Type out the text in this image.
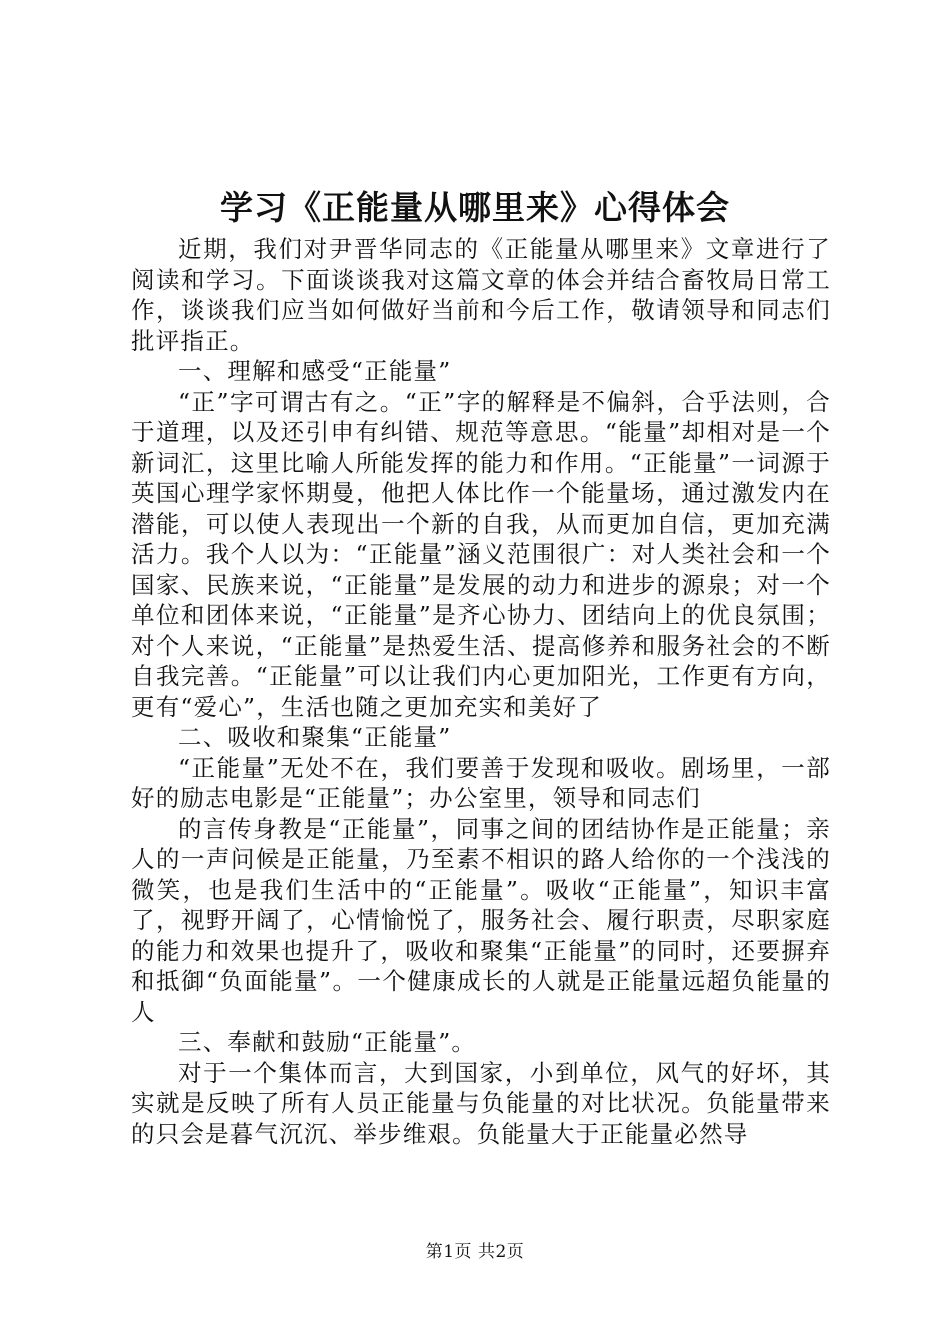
学习《正能量从哪里来》心得体会

近期，我们对尹晋华同志的《正能量从哪里来》文章进行了阅读和学习。下面谈谈我对这篇文章的体会并结合畜牧局日常工作，谈谈我们应当如何做好当前和今后工作，敬请领导和同志们批评指正。

一、理解和感受“正能量”

“正”字可谓古有之。“正”字的解释是不偏斜，合乎法则，合于道理，以及还引申有纠错、规范等意思。“能量”却相对是一个新词汇，这里比喻人所能发挥的能力和作用。“正能量”一词源于英国心理学家怀期曼，他把人体比作一个能量场，通过激发内在潜能，可以使人表现出一个新的自我，从而更加自信，更加充满活力。我个人以为：“正能量”涵义范围很广：对人类社会和一个国家、民族来说，“正能量”是发展的动力和进步的源泉；对一个单位和团体来说，“正能量”是齐心协力、团结向上的优良氛围；对个人来说，“正能量”是热爱生活、提高修养和服务社会的不断自我完善。“正能量”可以让我们内心更加阳光，工作更有方向，更有“爱心”，生活也随之更加充实和美好了

二、吸收和聚集“正能量”

“正能量”无处不在，我们要善于发现和吸收。剧场里，一部好的励志电影是“正能量”；办公室里，领导和同志们

的言传身教是“正能量”，同事之间的团结协作是正能量；亲人的一声问候是正能量，乃至素不相识的路人给你的一个浅浅的微笑，也是我们生活中的“正能量”。吸收“正能量”，知识丰富了，视野开阔了，心情愉悦了，服务社会、履行职责，尽职家庭的能力和效果也提升了，吸收和聚集“正能量”的同时，还要摒弃和抵御“负面能量”。一个健康成长的人就是正能量远超负能量的人

三、奉献和鼓励“正能量”。

对于一个集体而言，大到国家，小到单位，风气的好坏，其实就是反映了所有人员正能量与负能量的对比状况。负能量带来的只会是暮气沉沉、举步维艰。负能量大于正能量必然导

第1页 共2页
